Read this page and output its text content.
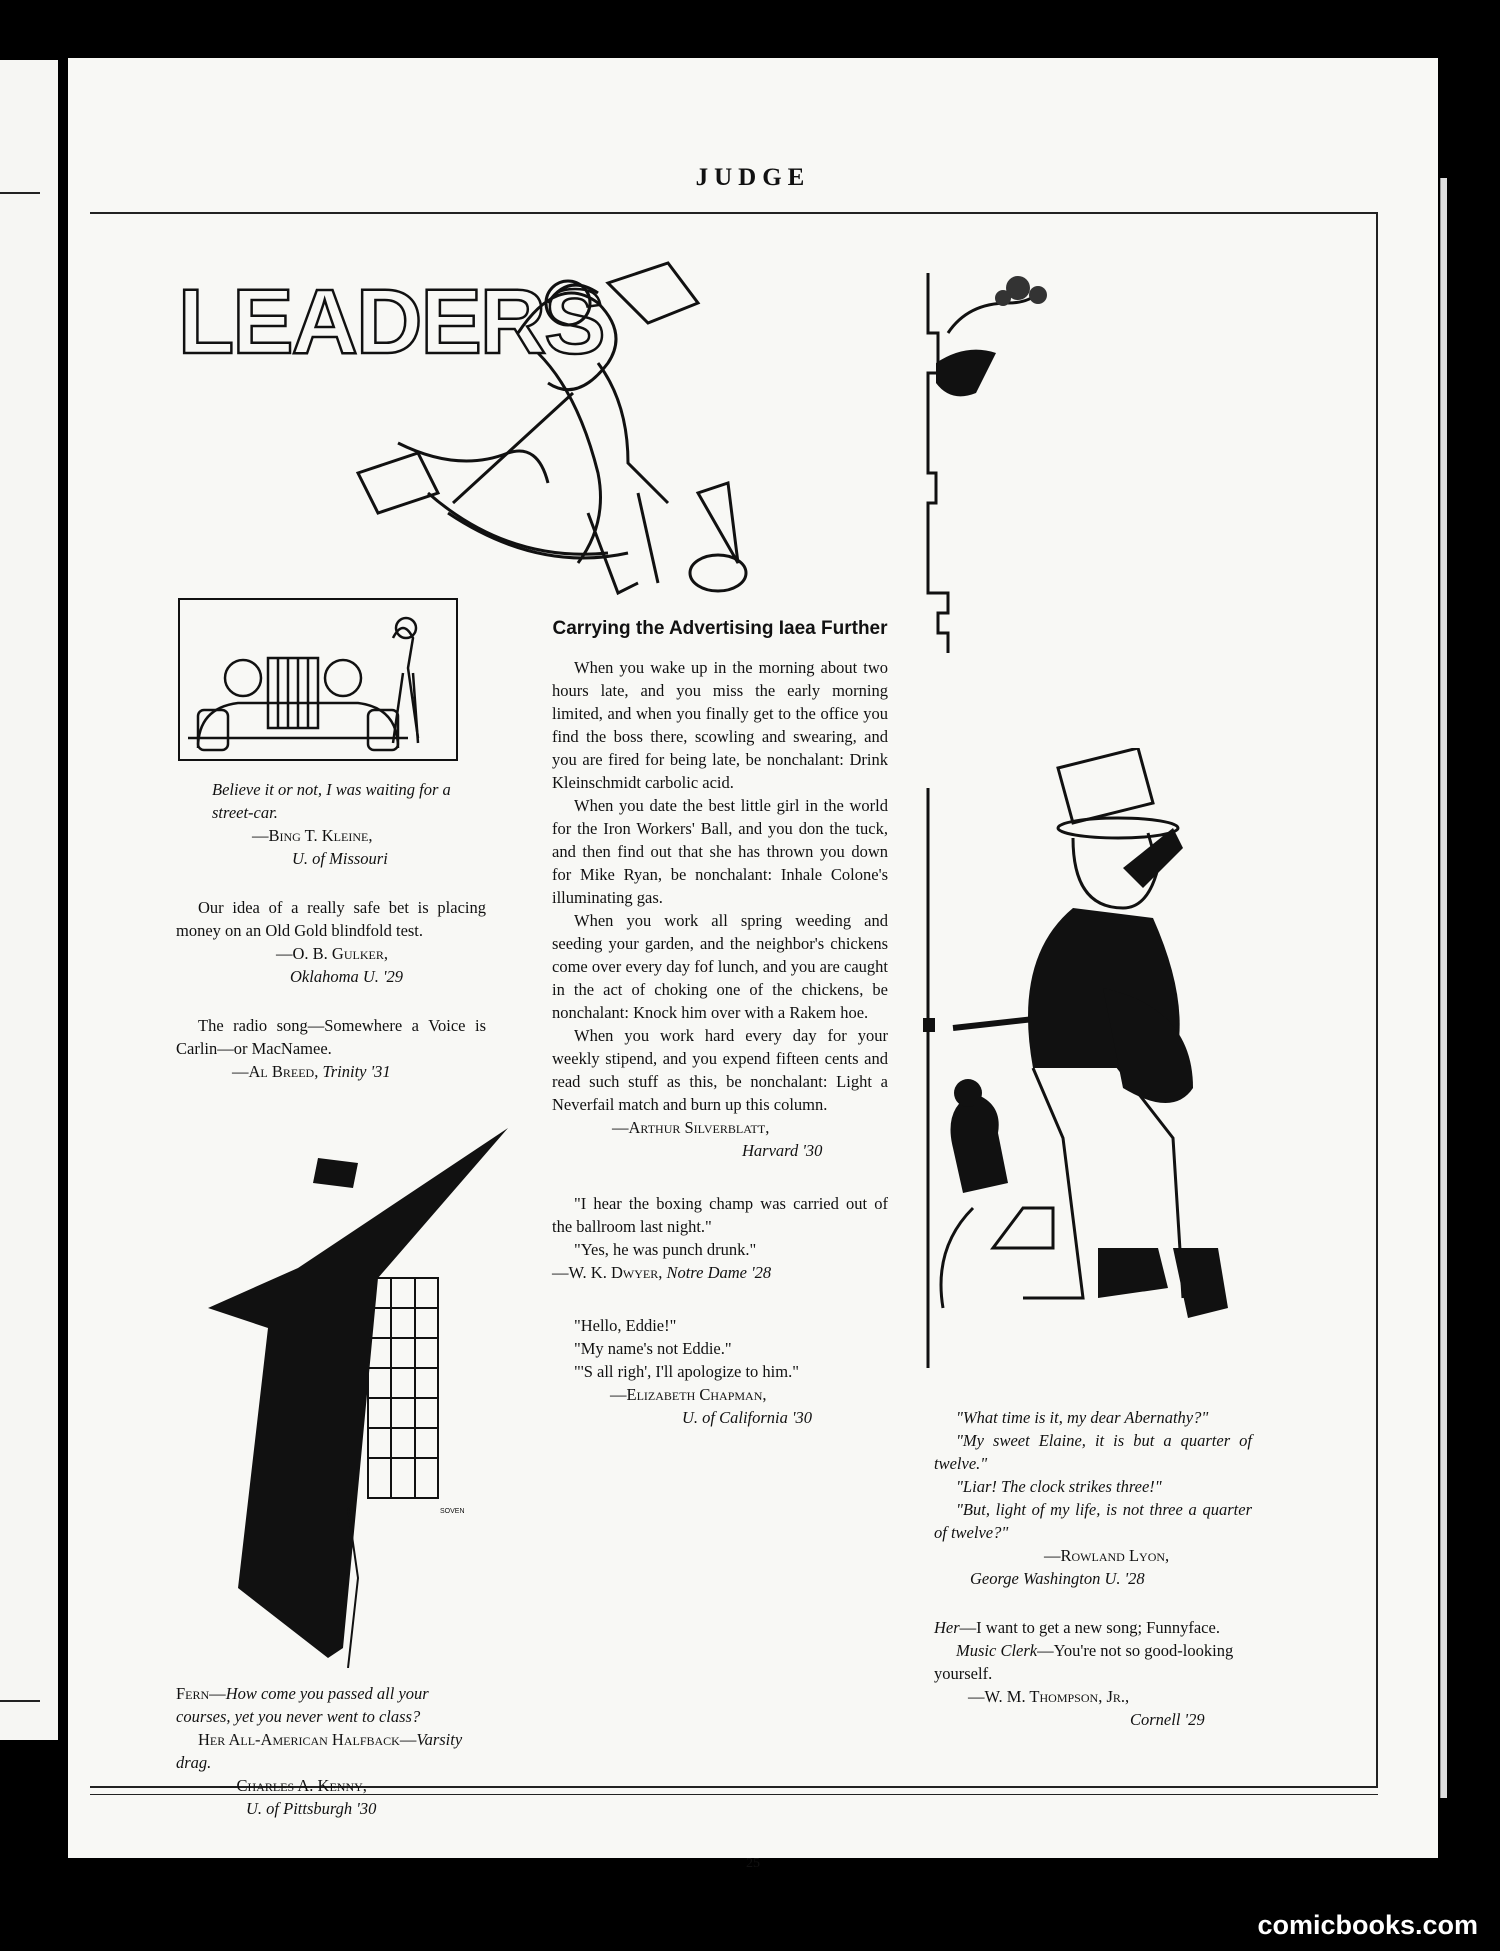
JUDGE
LEADERS
SOVEN

Believe it or not, I was waiting for a street-car.

—Bing T. Kleine,

U. of Missouri

Our idea of a really safe bet is placing money on an Old Gold blindfold test.

—O. B. Gulker,

Oklahoma U. '29

The radio song—Somewhere a Voice is Carlin—or MacNamee.

—Al Breed, Trinity '31

Fern—How come you passed all your courses, yet you never went to class?

Her All-American Halfback—Varsity drag.

—Charles A. Kenny,

U. of Pittsburgh '30

Carrying the Advertising Iaea Further

When you wake up in the morning about two hours late, and you miss the early morning limited, and when you finally get to the office you find the boss there, scowling and swearing, and you are fired for being late, be nonchalant: Drink Kleinschmidt carbolic acid.

When you date the best little girl in the world for the Iron Workers' Ball, and you don the tuck, and then find out that she has thrown you down for Mike Ryan, be nonchalant: Inhale Colone's illuminating gas.

When you work all spring weeding and seeding your garden, and the neighbor's chickens come over every day fof lunch, and you are caught in the act of choking one of the chickens, be nonchalant: Knock him over with a Rakem hoe.

When you work hard every day for your weekly stipend, and you expend fifteen cents and read such stuff as this, be nonchalant: Light a Neverfail match and burn up this column.

—Arthur Silverblatt,

Harvard '30

"I hear the boxing champ was carried out of the ballroom last night."

"Yes, he was punch drunk."

—W. K. Dwyer, Notre Dame '28

"Hello, Eddie!"

"My name's not Eddie."

"'S all righ', I'll apologize to him."

—Elizabeth Chapman,

U. of California '30	"What time is it, my dear Abernathy?"

"My sweet Elaine, it is but a quarter of twelve."

"Liar! The clock strikes three!"

"But, light of my life, is not three a quarter of twelve?"

—Rowland Lyon,

George Washington U. '28

Her—I want to get a new song; Funnyface.

Music Clerk—You're not so good-looking yourself.

—W. M. Thompson, Jr.,

Cornell '29

25
comicbooks.com
